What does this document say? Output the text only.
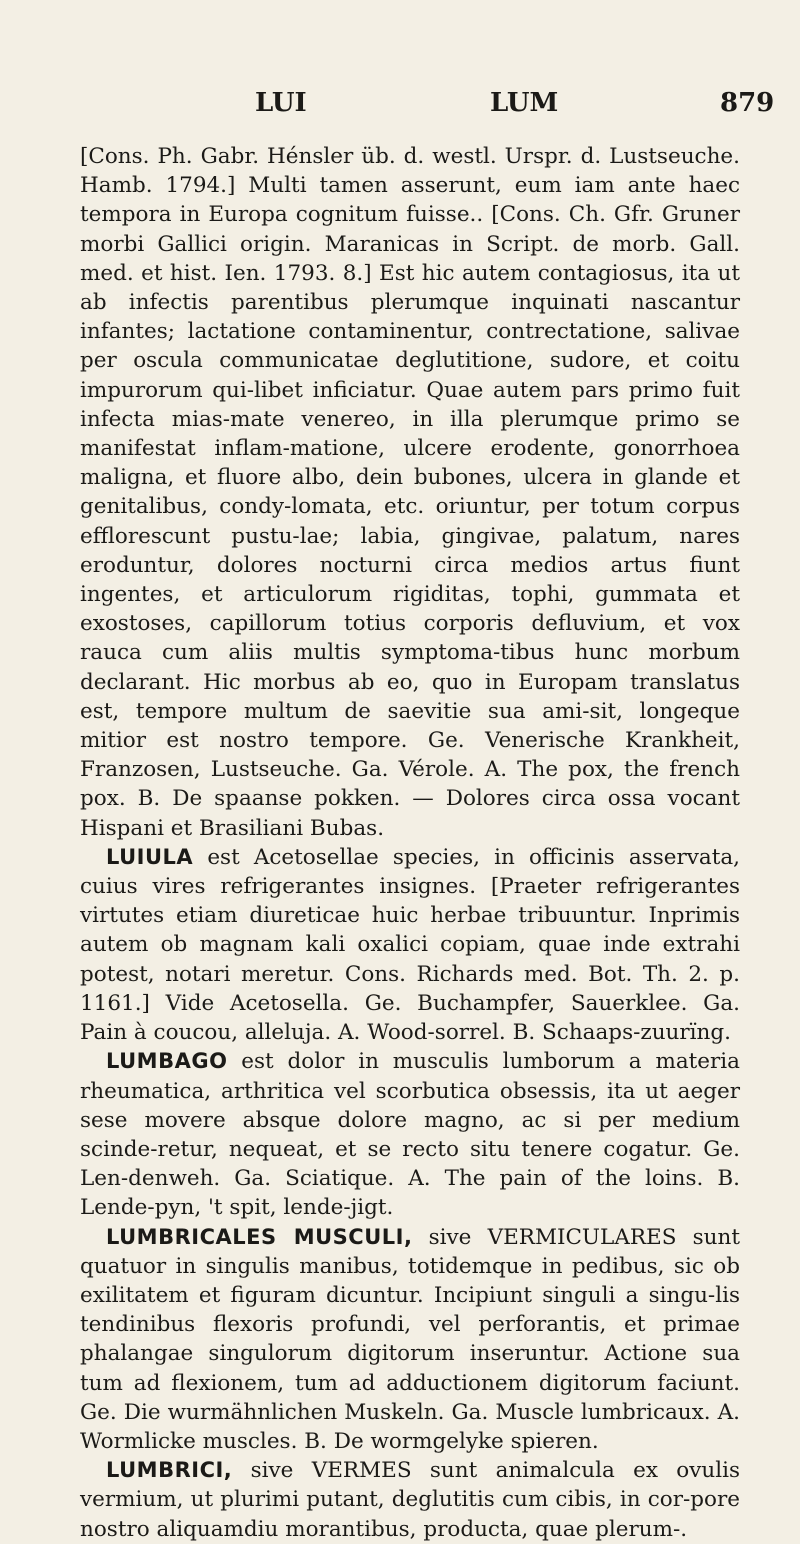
LUI	LUM	879

[Cons. Ph. Gabr. Hénsler üb. d. westl. Urspr. d. Lustseuche. Hamb. 1794.] Multi tamen asserunt, eum iam ante haec tempora in Europa cognitum fuisse.. [Cons. Ch. Gfr. Gruner morbi Gallici origin. Maranicas in Script. de morb. Gall. med. et hist. Ien. 1793. 8.] Est hic autem contagiosus, ita ut ab infectis parentibus plerumque inquinati nascantur infantes; lactatione contaminentur, contrectatione, salivae per oscula communicatae deglutitione, sudore, et coitu impurorum qui-libet inficiatur. Quae autem pars primo fuit infecta mias-mate venereo, in illa plerumque primo se manifestat inflam-matione, ulcere erodente, gonorrhoea maligna, et fluore albo, dein bubones, ulcera in glande et genitalibus, condy-lomata, etc. oriuntur, per totum corpus efflorescunt pustu-lae; labia, gingivae, palatum, nares eroduntur, dolores nocturni circa medios artus fiunt ingentes, et articulorum rigiditas, tophi, gummata et exostoses, capillorum totius corporis defluvium, et vox rauca cum aliis multis symptoma-tibus hunc morbum declarant. Hic morbus ab eo, quo in Europam translatus est, tempore multum de saevitie sua ami-sit, longeque mitior est nostro tempore. Ge. Venerische Krankheit, Franzosen, Lustseuche. Ga. Vérole. A. The pox, the french pox. B. De spaanse pokken. — Dolores circa ossa vocant Hispani et Brasiliani Bubas.

LUIULA est Acetosellae species, in officinis asservata, cuius vires refrigerantes insignes. [Praeter refrigerantes virtutes etiam diureticae huic herbae tribuuntur. Inprimis autem ob magnam kali oxalici copiam, quae inde extrahi potest, notari meretur. Cons. Richards med. Bot. Th. 2. p. 1161.] Vide Acetosella. Ge. Buchampfer, Sauerklee. Ga. Pain à coucou, alleluja. A. Wood-sorrel. B. Schaaps-zuurïng.

LUMBAGO est dolor in musculis lumborum a materia rheumatica, arthritica vel scorbutica obsessis, ita ut aeger sese movere absque dolore magno, ac si per medium scinde-retur, nequeat, et se recto situ tenere cogatur. Ge. Len-denweh. Ga. Sciatique. A. The pain of the loins. B. Lende-pyn, 't spit, lende-jigt.

LUMBRICALES MUSCULI, sive VERMICULARES sunt quatuor in singulis manibus, totidemque in pedibus, sic ob exilitatem et figuram dicuntur. Incipiunt singuli a singu-lis tendinibus flexoris profundi, vel perforantis, et primae phalangae singulorum digitorum inseruntur. Actione sua tum ad flexionem, tum ad adductionem digitorum faciunt. Ge. Die wurmähnlichen Muskeln. Ga. Muscle lumbricaux. A. Wormlicke muscles. B. De wormgelyke spieren.

LUMBRICI, sive VERMES sunt animalcula ex ovulis vermium, ut plurimi putant, deglutitis cum cibis, in cor-pore nostro aliquamdiu morantibus, producta, quae plerum-.
